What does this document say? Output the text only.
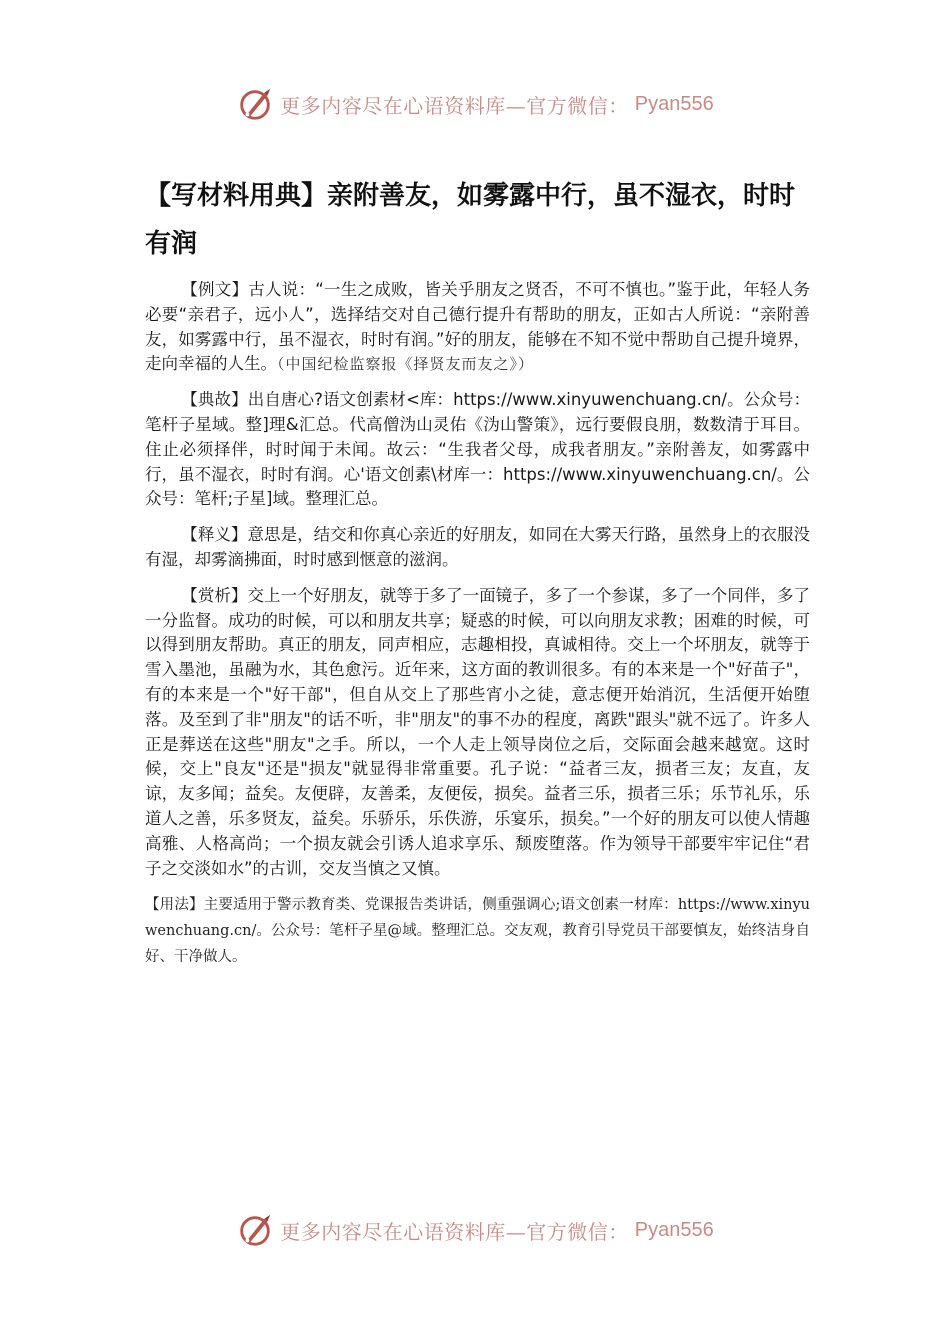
更多内容尽在心语资料库—官方微信： Pyan556
【写材料用典】亲附善友，如雾露中行，虽不湿衣，时时有润

【例文】古人说：“一生之成败，皆关乎朋友之贤否，不可不慎也。”鉴于此，年轻人务必要“亲君子，远小人”，选择结交对自己德行提升有帮助的朋友，正如古人所说：“亲附善友，如雾露中行，虽不湿衣，时时有润。”好的朋友，能够在不知不觉中帮助自己提升境界，走向幸福的人生。（中国纪检监察报《择贤友而友之》）

【典故】出自唐心?语文创素材<库：https://www.xinyuwenchuang.cn/。公众号：笔杆子星域。整]理&汇总。代高僧沩山灵佑《沩山警策》，远行要假良朋，数数清于耳目。住止必须择伴，时时闻于未闻。故云：“生我者父母，成我者朋友。”亲附善友，如雾露中行，虽不湿衣，时时有润。心'语文创素\材库一：https://www.xinyuwenchuang.cn/。公众号：笔杆;子星]域。整理汇总。

【释义】意思是，结交和你真心亲近的好朋友，如同在大雾天行路，虽然身上的衣服没有湿，却雾滴拂面，时时感到惬意的滋润。

【赏析】交上一个好朋友，就等于多了一面镜子，多了一个参谋，多了一个同伴，多了一分监督。成功的时候，可以和朋友共享；疑惑的时候，可以向朋友求教；困难的时候，可以得到朋友帮助。真正的朋友，同声相应，志趣相投，真诚相待。交上一个坏朋友，就等于雪入墨池，虽融为水，其色愈污。近年来，这方面的教训很多。有的本来是一个"好苗子"，有的本来是一个"好干部"，但自从交上了那些宵小之徒，意志便开始消沉，生活便开始堕落。及至到了非"朋友"的话不听，非"朋友"的事不办的程度，离跌"跟头"就不远了。许多人正是葬送在这些"朋友"之手。所以，一个人走上领导岗位之后，交际面会越来越宽。这时候，交上"良友"还是"损友"就显得非常重要。孔子说：“益者三友，损者三友；友直，友谅，友多闻；益矣。友便辟，友善柔，友便佞，损矣。益者三乐，损者三乐；乐节礼乐，乐道人之善，乐多贤友，益矣。乐骄乐，乐佚游，乐宴乐，损矣。”一个好的朋友可以使人情趣高雅、人格高尚；一个损友就会引诱人追求享乐、颓废堕落。作为领导干部要牢牢记住“君子之交淡如水”的古训，交友当慎之又慎。

【用法】主要适用于警示教育类、党课报告类讲话，侧重强调心;语文创素一材库：https://www.xinyuwenchuang.cn/。公众号：笔杆子星@域。整理汇总。交友观，教育引导党员干部要慎友，始终洁身自好、干净做人。

更多内容尽在心语资料库—官方微信： Pyan556
